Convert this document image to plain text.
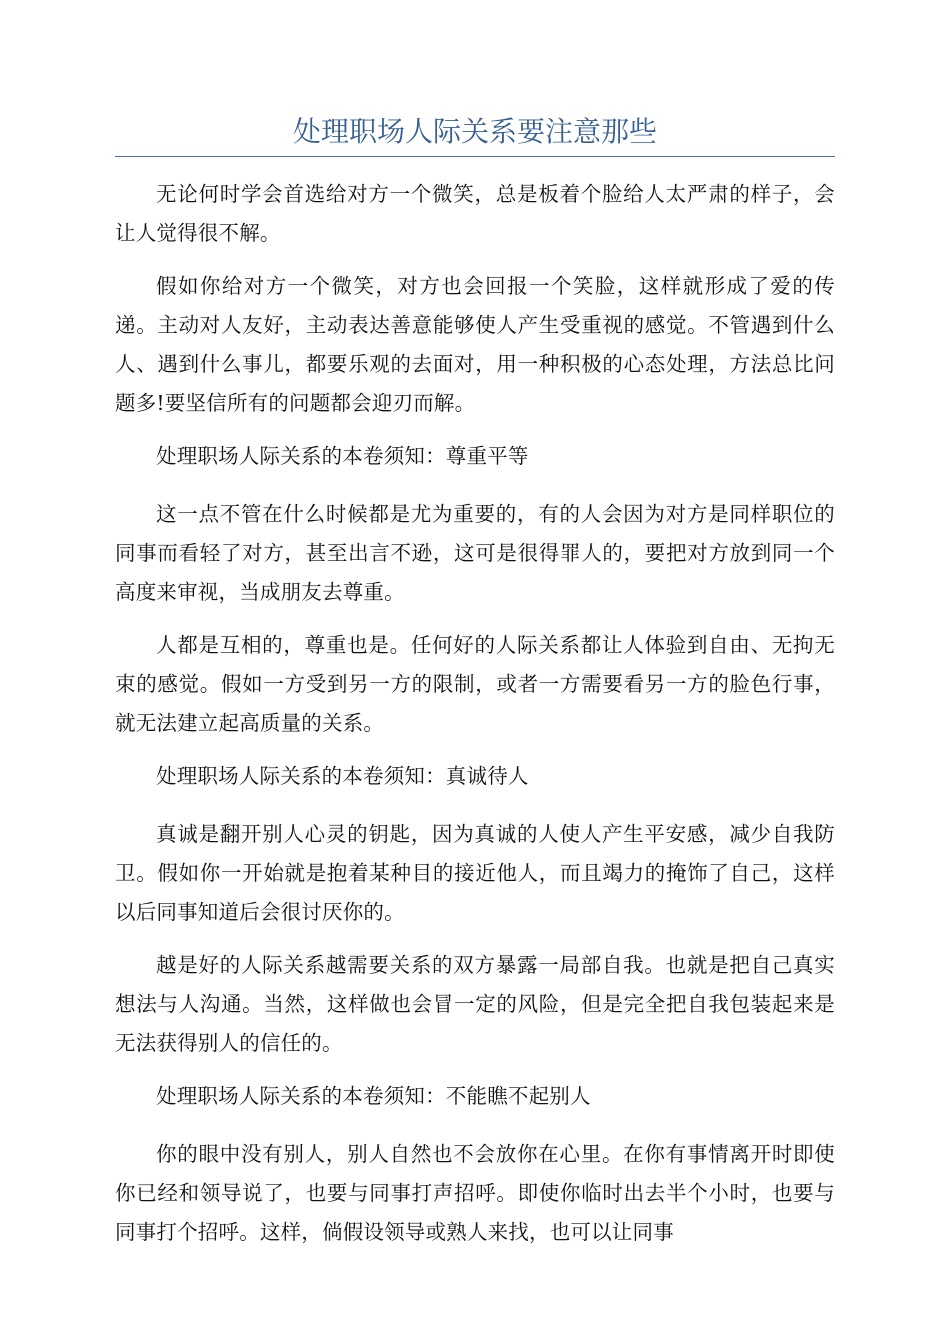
处理职场人际关系要注意那些

无论何时学会首选给对方一个微笑，总是板着个脸给人太严肃的样子，会让人觉得很不解。

假如你给对方一个微笑，对方也会回报一个笑脸，这样就形成了爱的传递。主动对人友好，主动表达善意能够使人产生受重视的感觉。不管遇到什么人、遇到什么事儿，都要乐观的去面对，用一种积极的心态处理，方法总比问题多!要坚信所有的问题都会迎刃而解。

处理职场人际关系的本卷须知：尊重平等

这一点不管在什么时候都是尤为重要的，有的人会因为对方是同样职位的同事而看轻了对方，甚至出言不逊，这可是很得罪人的，要把对方放到同一个高度来审视，当成朋友去尊重。

人都是互相的，尊重也是。任何好的人际关系都让人体验到自由、无拘无束的感觉。假如一方受到另一方的限制，或者一方需要看另一方的脸色行事，就无法建立起高质量的关系。

处理职场人际关系的本卷须知：真诚待人

真诚是翻开别人心灵的钥匙，因为真诚的人使人产生平安感，减少自我防卫。假如你一开始就是抱着某种目的接近他人，而且竭力的掩饰了自己，这样以后同事知道后会很讨厌你的。

越是好的人际关系越需要关系的双方暴露一局部自我。也就是把自己真实想法与人沟通。当然，这样做也会冒一定的风险，但是完全把自我包装起来是无法获得别人的信任的。

处理职场人际关系的本卷须知：不能瞧不起别人

你的眼中没有别人，别人自然也不会放你在心里。在你有事情离开时即使你已经和领导说了，也要与同事打声招呼。即使你临时出去半个小时，也要与同事打个招呼。这样，倘假设领导或熟人来找，也可以让同事
